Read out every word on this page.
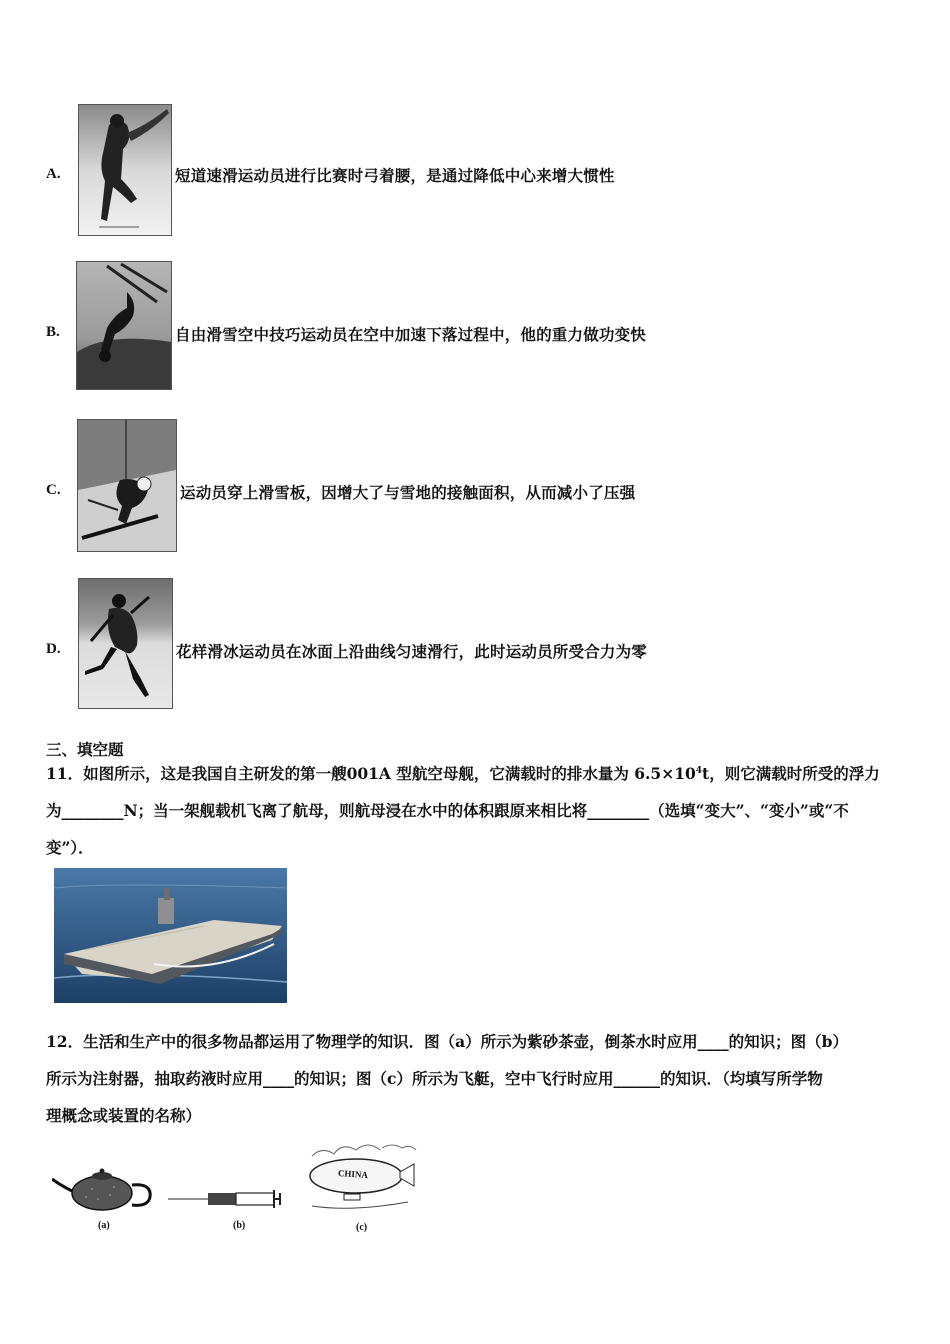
A.	短道速滑运动员进行比赛时弓着腰，是通过降低中心来增大惯性
B.	自由滑雪空中技巧运动员在空中加速下落过程中，他的重力做功变快
C.	运动员穿上滑雪板，因增大了与雪地的接触面积，从而减小了压强
D.	花样滑冰运动员在冰面上沿曲线匀速滑行，此时运动员所受合力为零
三、填空题
11．如图所示，这是我国自主研发的第一艘001A 型航空母舰，它满载时的排水量为 $6.5\times 10^4t$，则它满载时所受的浮力
为________N；当一架舰载机飞离了航母，则航母浸在水中的体积跟原来相比将________（选填“变大”、“变小”或“不
变”）．
12．生活和生产中的很多物品都运用了物理学的知识．图（a）所示为紫砂茶壶，倒茶水时应用____的知识；图（b）
所示为注射器，抽取药液时应用____的知识；图（c）所示为飞艇，空中飞行时应用______的知识．（均填写所学物
理概念或装置的名称）
(a)	(b)
CHINA
(c)
